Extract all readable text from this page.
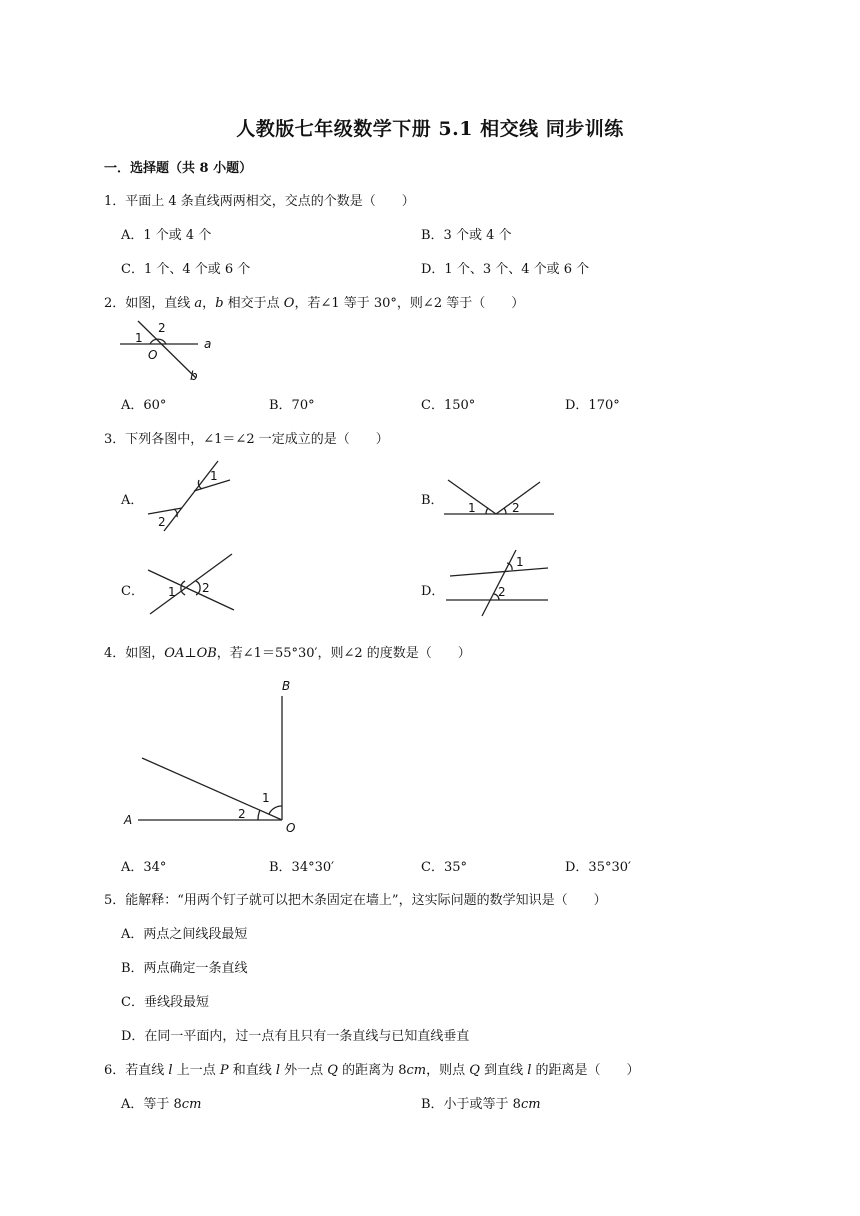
人教版七年级数学下册 5.1 相交线 同步训练
一．选择题（共 8 小题）
1．平面上 4 条直线两两相交，交点的个数是（　　）
A．1 个或 4 个	B．3 个或 4 个
C．1 个、4 个或 6 个	D．1 个、3 个、4 个或 6 个
2．如图，直线 a，b 相交于点 O，若∠1 等于 30°，则∠2 等于（　　）
1
2
O
a
b
A．60°	B．70°	C．150°	D．170°
3．下列各图中，∠1＝∠2 一定成立的是（　　）
A．
1
2
B． 1	2
C． 1 2	D．
1
2
4．如图，OA⊥OB，若∠1＝55°30′，则∠2 的度数是（　　）
B
A
O
1
2
A．34°	B．34°30′	C．35°	D．35°30′
5．能解释：“用两个钉子就可以把木条固定在墙上”，这实际问题的数学知识是（　　）
A．两点之间线段最短
B．两点确定一条直线
C．垂线段最短
D．在同一平面内，过一点有且只有一条直线与已知直线垂直
6．若直线 l 上一点 P 和直线 l 外一点 Q 的距离为 8cm，则点 Q 到直线 l 的距离是（　　）
A．等于 8cm	B．小于或等于 8cm
